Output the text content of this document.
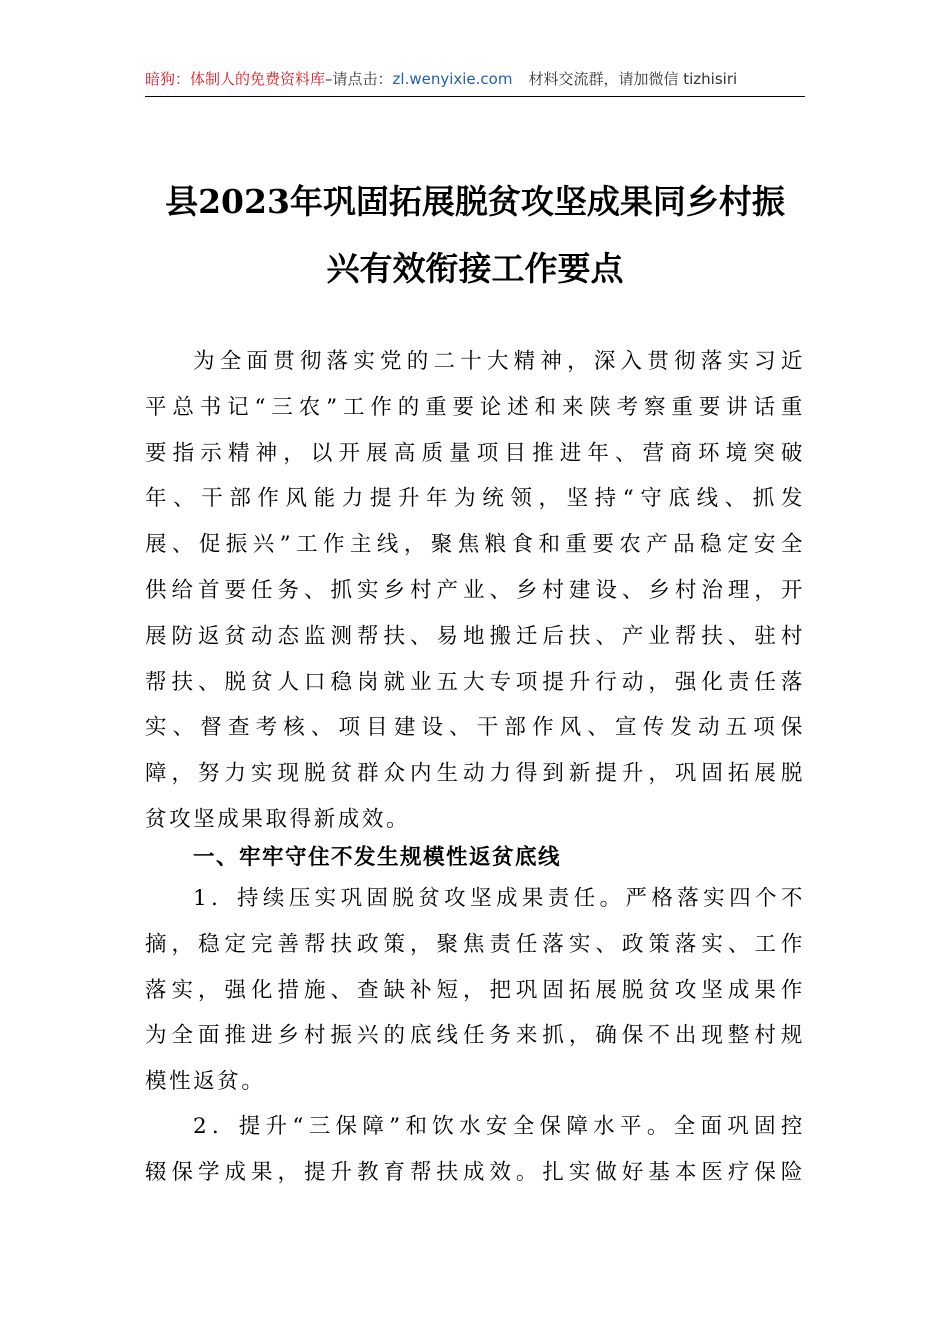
暗狗：体制人的免费资料库–请点击：zl.wenyixie.com 材料交流群，请加微信 tizhisiri
县2023年巩固拓展脱贫攻坚成果同乡村振
兴有效衔接工作要点
为全面贯彻落实党的二十大精神，深入贯彻落实习近
平总书记“三农”工作的重要论述和来陕考察重要讲话重
要指示精神，以开展高质量项目推进年、营商环境突破
年、干部作风能力提升年为统领，坚持“守底线、抓发
展、促振兴”工作主线，聚焦粮食和重要农产品稳定安全
供给首要任务、抓实乡村产业、乡村建设、乡村治理，开
展防返贫动态监测帮扶、易地搬迁后扶、产业帮扶、驻村
帮扶、脱贫人口稳岗就业五大专项提升行动，强化责任落
实、督查考核、项目建设、干部作风、宣传发动五项保
障，努力实现脱贫群众内生动力得到新提升，巩固拓展脱
贫攻坚成果取得新成效。
一、牢牢守住不发生规模性返贫底线
1．持续压实巩固脱贫攻坚成果责任。严格落实四个不
摘，稳定完善帮扶政策，聚焦责任落实、政策落实、工作
落实，强化措施、查缺补短，把巩固拓展脱贫攻坚成果作
为全面推进乡村振兴的底线任务来抓，确保不出现整村规
模性返贫。
2．提升“三保障”和饮水安全保障水平。全面巩固控
辍保学成果，提升教育帮扶成效。扎实做好基本医疗保险
